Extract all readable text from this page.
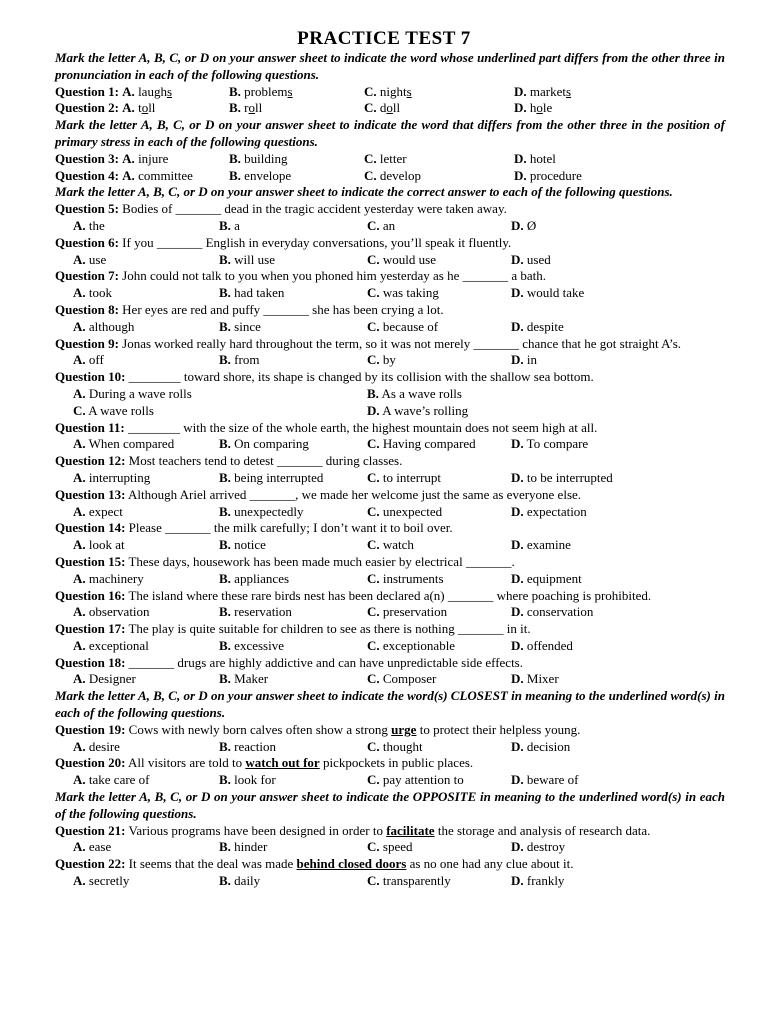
PRACTICE TEST 7
Mark the letter A, B, C, or D on your answer sheet to indicate the word whose underlined part differs from the other three in pronunciation in each of the following questions.
Question 1: A. laughs	B. problems	C. nights	D. markets
Question 2: A. toll	B. roll	C. doll	D. hole
Mark the letter A, B, C, or D on your answer sheet to indicate the word that differs from the other three in the position of primary stress in each of the following questions.
Question 3: A. injure	B. building	C. letter	D. hotel
Question 4: A. committee	B. envelope	C. develop	D. procedure
Mark the letter A, B, C, or D on your answer sheet to indicate the correct answer to each of the following questions.
Question 5: Bodies of _______ dead in the tragic accident yesterday were taken away.
A. the	B. a	C. an	D. Ø
Question 6: If you _______ English in everyday conversations, you’ll speak it fluently.
A. use	B. will use	C. would use	D. used
Question 7: John could not talk to you when you phoned him yesterday as he _______ a bath.
A. took	B. had taken	C. was taking	D. would take
Question 8: Her eyes are red and puffy _______ she has been crying a lot.
A. although	B. since	C. because of	D. despite
Question 9: Jonas worked really hard throughout the term, so it was not merely _______ chance that he got straight A’s.
A. off	B. from	C. by	D. in
Question 10: ________ toward shore, its shape is changed by its collision with the shallow sea bottom.
A. During a wave rolls	B. As a wave rolls
C. A wave rolls	D. A wave’s rolling
Question 11: ________ with the size of the whole earth, the highest mountain does not seem high at all.
A. When compared	B. On comparing	C. Having compared	D. To compare
Question 12: Most teachers tend to detest _______ during classes.
A. interrupting	B. being interrupted	C. to interrupt	D. to be interrupted
Question 13: Although Ariel arrived _______, we made her welcome just the same as everyone else.
A. expect	B. unexpectedly	C. unexpected	D. expectation
Question 14: Please _______ the milk carefully; I don’t want it to boil over.
A. look at	B. notice	C. watch	D. examine
Question 15: These days, housework has been made much easier by electrical _______.
A. machinery	B. appliances	C. instruments	D. equipment
Question 16: The island where these rare birds nest has been declared a(n) _______ where poaching is prohibited.
A. observation	B. reservation	C. preservation	D. conservation
Question 17: The play is quite suitable for children to see as there is nothing _______ in it.
A. exceptional	B. excessive	C. exceptionable	D. offended
Question 18: _______ drugs are highly addictive and can have unpredictable side effects.
A. Designer	B. Maker	C. Composer	D. Mixer
Mark the letter A, B, C, or D on your answer sheet to indicate the word(s) CLOSEST in meaning to the underlined word(s) in each of the following questions.
Question 19: Cows with newly born calves often show a strong urge to protect their helpless young.
A. desire	B. reaction	C. thought	D. decision
Question 20: All visitors are told to watch out for pickpockets in public places.
A. take care of	B. look for	C. pay attention to	D. beware of
Mark the letter A, B, C, or D on your answer sheet to indicate the OPPOSITE in meaning to the underlined word(s) in each of the following questions.
Question 21: Various programs have been designed in order to facilitate the storage and analysis of research data.
A. ease	B. hinder	C. speed	D. destroy
Question 22: It seems that the deal was made behind closed doors as no one had any clue about it.
A. secretly	B. daily	C. transparently	D. frankly
